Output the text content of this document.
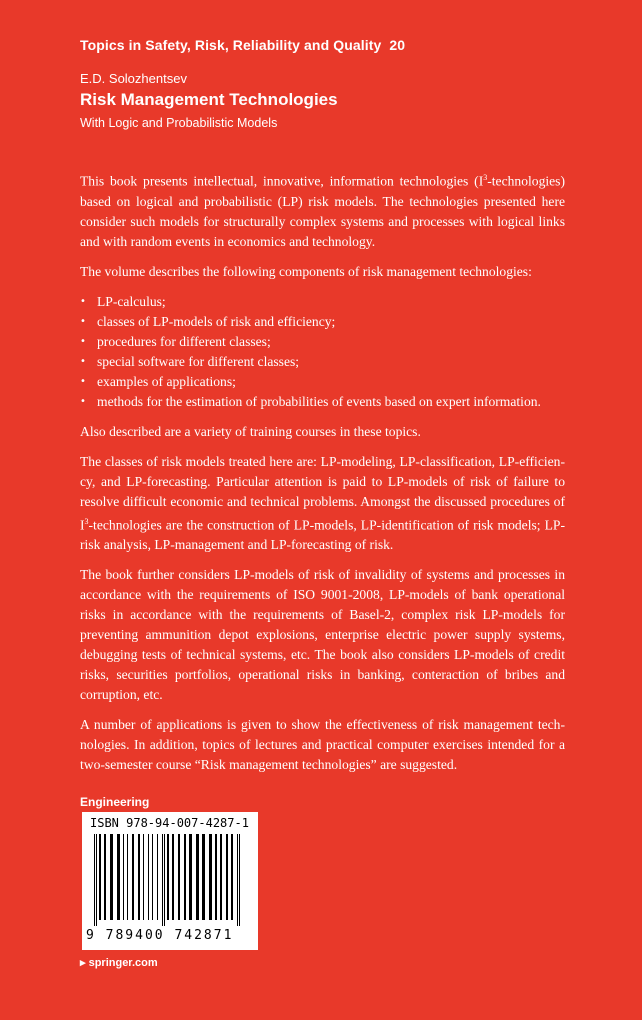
Topics in Safety, Risk, Reliability and Quality 20
E.D. Solozhentsev
Risk Management Technologies
With Logic and Probabilistic Models

This book presents intellectual, innovative, information technologies $(I^3-technologies)$ based on logical and probabilistic (LP) risk models. The technologies presented here consider such models for structurally complex systems and processes with logical links and with random events in economics and technology.

The volume describes the following components of risk management technologies:

• LP-calculus;
• classes of LP-models of risk and efficiency;
• procedures for different classes;
• special software for different classes;
• examples of applications;
• methods for the estimation of probabilities of events based on expert information.

Also described are a variety of training courses in these topics.

The classes of risk models treated here are: LP-modeling, LP-classification, LP-efficiency, and LP-forecasting. Particular attention is paid to LP-models of risk of failure to resolve difficult economic and technical problems. Amongst the discussed procedures of $I^3$-technologies are the construction of LP-models, LP-identification of risk models; LP-risk analysis, LP-management and LP-forecasting of risk.

The book further considers LP-models of risk of invalidity of systems and processes in accordance with the requirements of ISO 9001-2008, LP-models of bank operational risks in accordance with the requirements of Basel-2, complex risk LP-models for preventing ammunition depot explosions, enterprise electric power supply systems, debugging tests of technical systems, etc. The book also considers LP-models of credit risks, securities portfolios, operational risks in banking, conteraction of bribes and corruption, etc.

A number of applications is given to show the effectiveness of risk management technologies. In addition, topics of lectures and practical computer exercises intended for a two-semester course “Risk management technologies” are suggested.

Engineering
ISBN 978-94-007-4287-1
9 789400 742871
▸ springer.com
